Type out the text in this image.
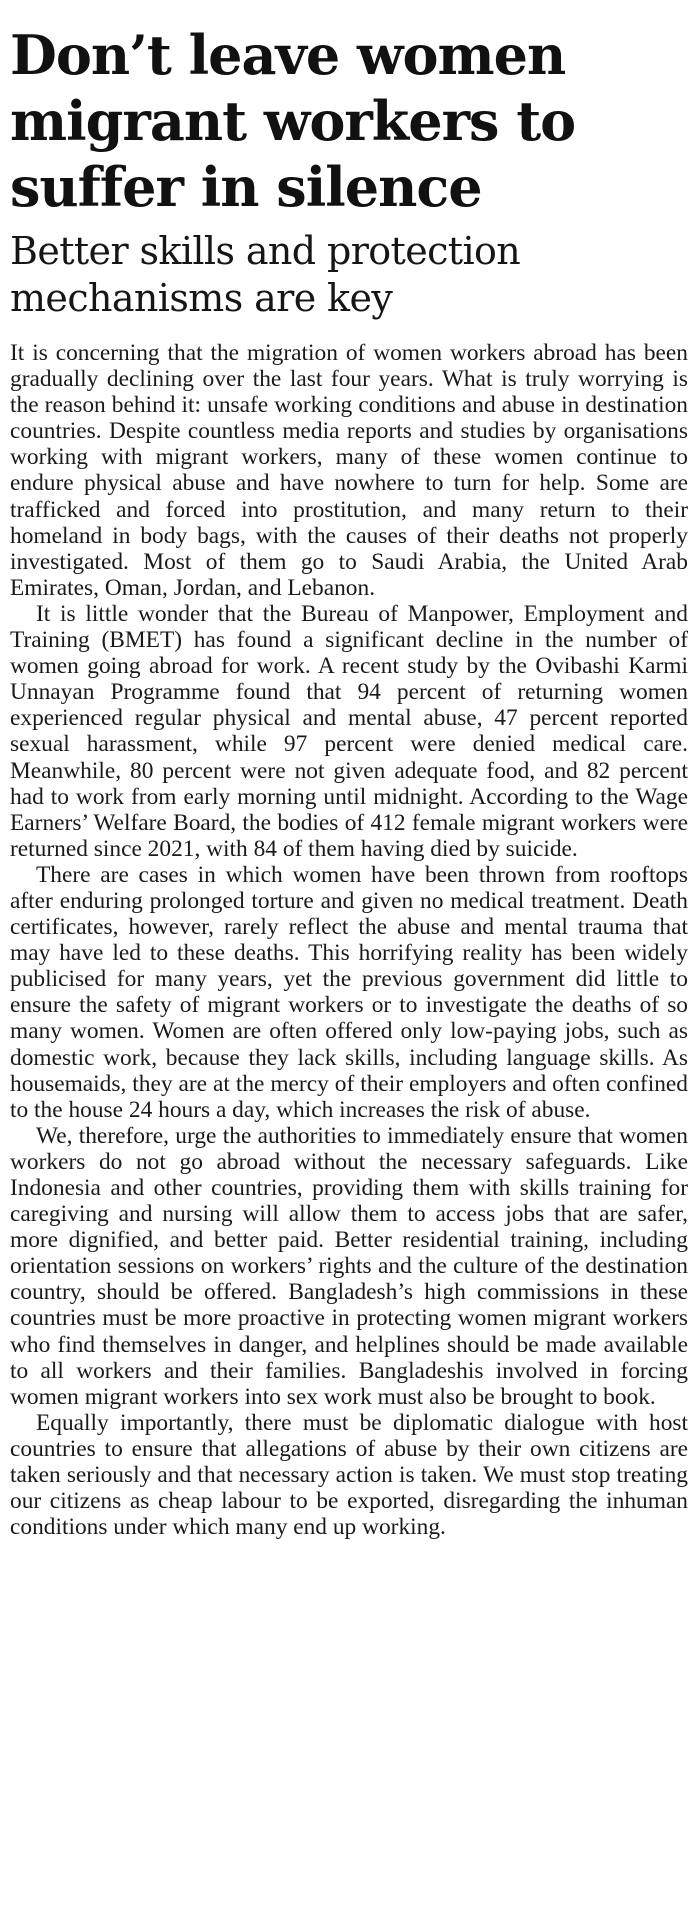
Don’t leave women migrant workers to suffer in silence
Better skills and protection mechanisms are key

It is concerning that the migration of women workers abroad has been gradually declining over the last four years. What is truly worrying is the reason behind it: unsafe working conditions and abuse in destination countries. Despite countless media reports and studies by organisations working with migrant workers, many of these women continue to endure physical abuse and have nowhere to turn for help. Some are trafficked and forced into prostitution, and many return to their homeland in body bags, with the causes of their deaths not properly investigated. Most of them go to Saudi Arabia, the United Arab Emirates, Oman, Jordan, and Lebanon.

It is little wonder that the Bureau of Manpower, Employment and Training (BMET) has found a significant decline in the number of women going abroad for work. A recent study by the Ovibashi Karmi Unnayan Programme found that 94 percent of returning women experienced regular physical and mental abuse, 47 percent reported sexual harassment, while 97 percent were denied medical care. Meanwhile, 80 percent were not given adequate food, and 82 percent had to work from early morning until midnight. According to the Wage Earners’ Welfare Board, the bodies of 412 female migrant workers were returned since 2021, with 84 of them having died by suicide.

There are cases in which women have been thrown from rooftops after enduring prolonged torture and given no medical treatment. Death certificates, however, rarely reflect the abuse and mental trauma that may have led to these deaths. This horrifying reality has been widely publicised for many years, yet the previous government did little to ensure the safety of migrant workers or to investigate the deaths of so many women. Women are often offered only low-paying jobs, such as domestic work, because they lack skills, including language skills. As housemaids, they are at the mercy of their employers and often confined to the house 24 hours a day, which increases the risk of abuse.

We, therefore, urge the authorities to immediately ensure that women workers do not go abroad without the necessary safeguards. Like Indonesia and other countries, providing them with skills training for caregiving and nursing will allow them to access jobs that are safer, more dignified, and better paid. Better residential training, including orientation sessions on workers’ rights and the culture of the destination country, should be offered. Bangladesh’s high commissions in these countries must be more proactive in protecting women migrant workers who find themselves in danger, and helplines should be made available to all workers and their families. Bangladeshis involved in forcing women migrant workers into sex work must also be brought to book.

Equally importantly, there must be diplomatic dialogue with host countries to ensure that allegations of abuse by their own citizens are taken seriously and that necessary action is taken. We must stop treating our citizens as cheap labour to be exported, disregarding the inhuman conditions under which many end up working.
